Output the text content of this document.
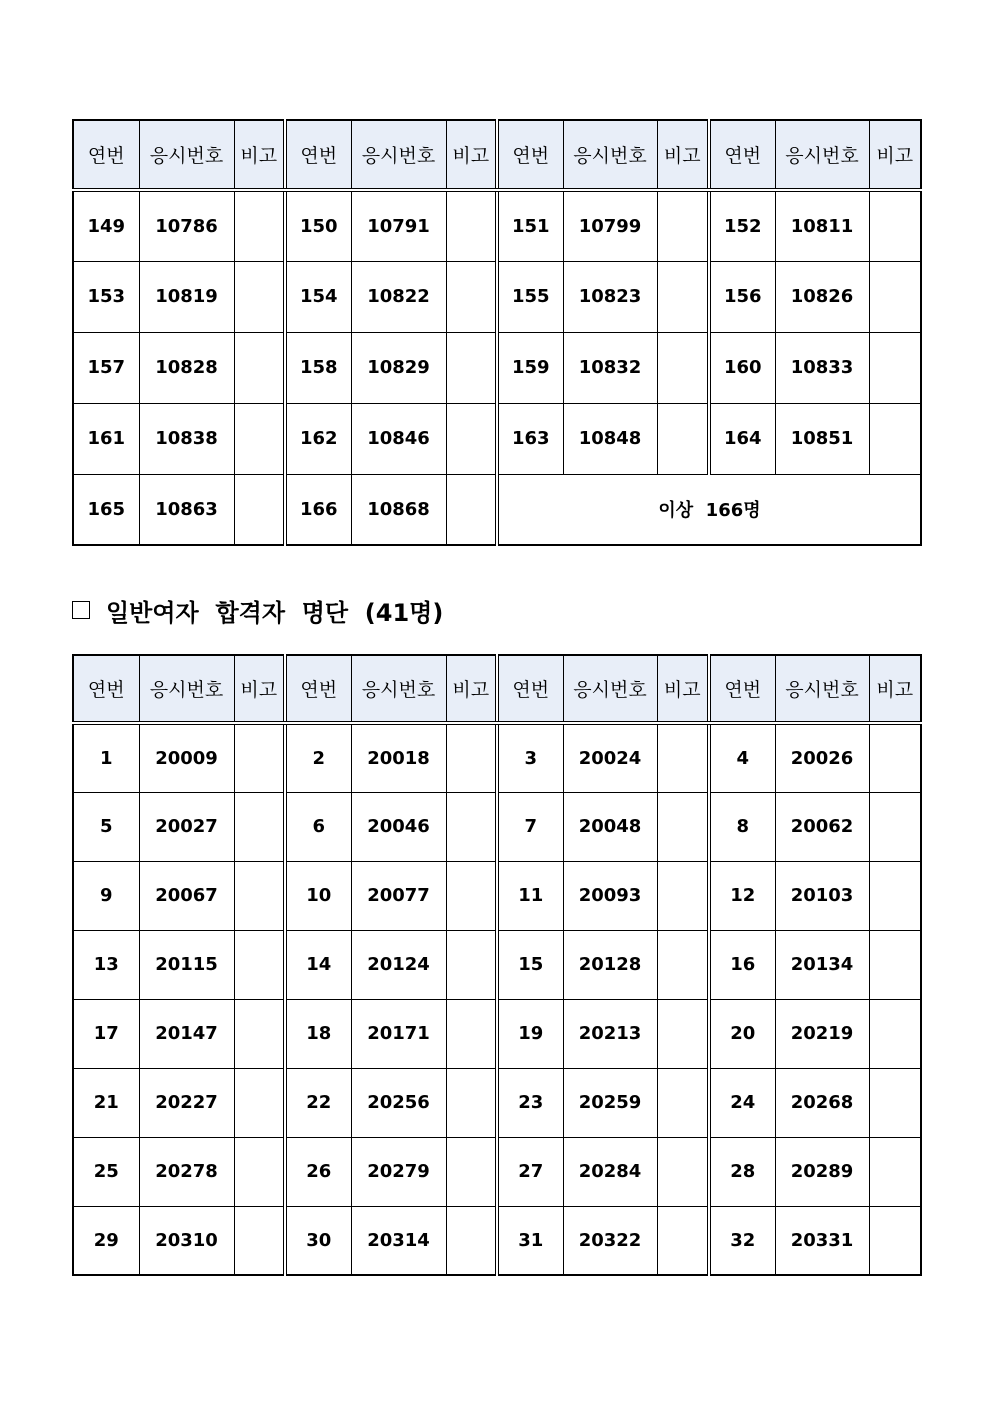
연번	응시번호	비고	연번	응시번호	비고	연번	응시번호	비고	연번	응시번호	비고
149	10786		150	10791		151	10799		152	10811	
153	10819		154	10822		155	10823		156	10826	
157	10828		158	10829		159	10832		160	10833	
161	10838		162	10846		163	10848		164	10851	
165	10863		166	10868		이상  166명					
일반여자  합격자  명단  (41명)
연번	응시번호	비고	연번	응시번호	비고	연번	응시번호	비고	연번	응시번호	비고
1	20009		2	20018		3	20024		4	20026	
5	20027		6	20046		7	20048		8	20062	
9	20067		10	20077		11	20093		12	20103	
13	20115		14	20124		15	20128		16	20134	
17	20147		18	20171		19	20213		20	20219	
21	20227		22	20256		23	20259		24	20268	
25	20278		26	20279		27	20284		28	20289	
29	20310		30	20314		31	20322		32	20331	
